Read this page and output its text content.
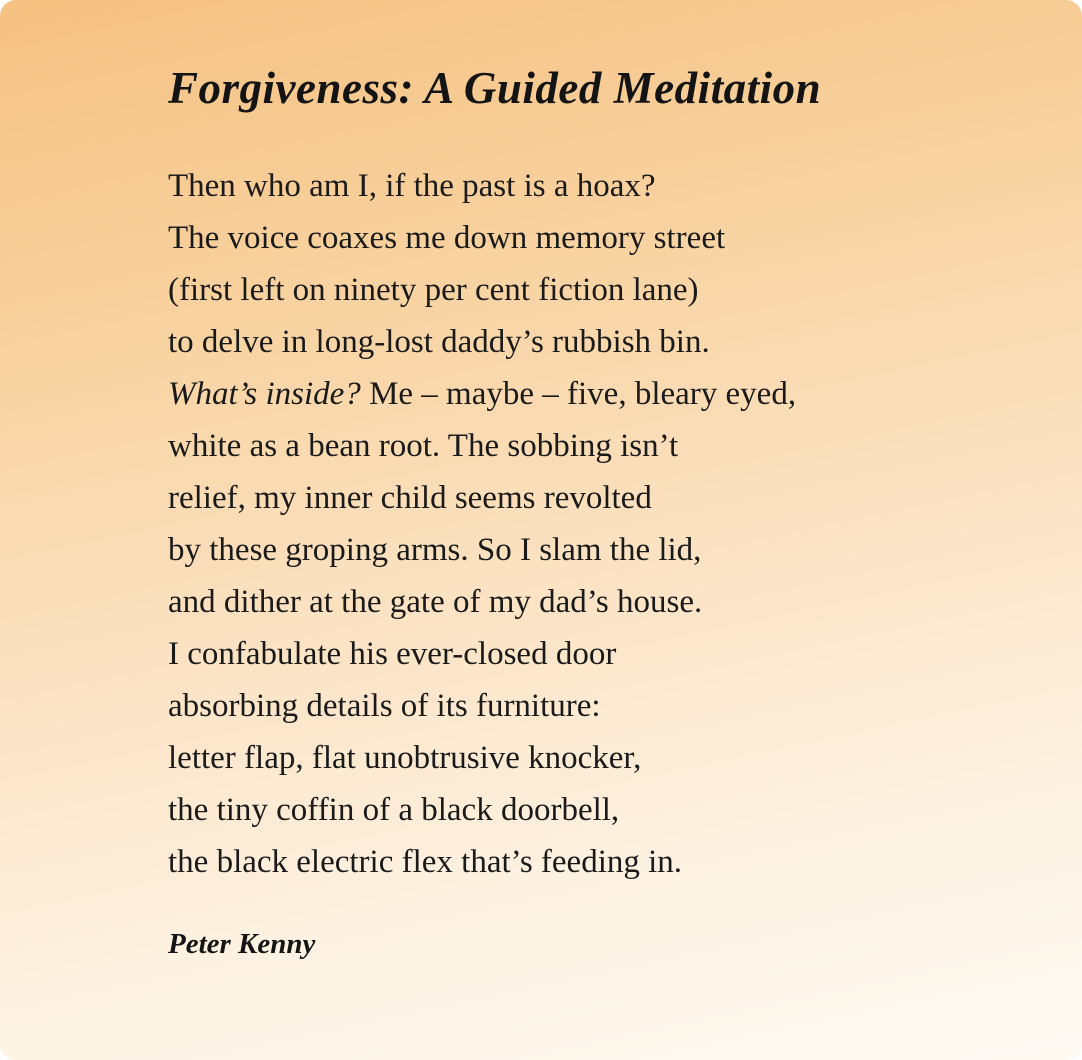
Forgiveness: A Guided Meditation
Then who am I, if the past is a hoax?
The voice coaxes me down memory street
(first left on ninety per cent fiction lane)
to delve in long-lost daddy’s rubbish bin.
What’s inside? Me – maybe – five, bleary eyed,
white as a bean root. The sobbing isn’t
relief, my inner child seems revolted
by these groping arms. So I slam the lid,
and dither at the gate of my dad’s house.
I confabulate his ever-closed door
absorbing details of its furniture:
letter flap, flat unobtrusive knocker,
the tiny coffin of a black doorbell,
the black electric flex that’s feeding in.
Peter Kenny
